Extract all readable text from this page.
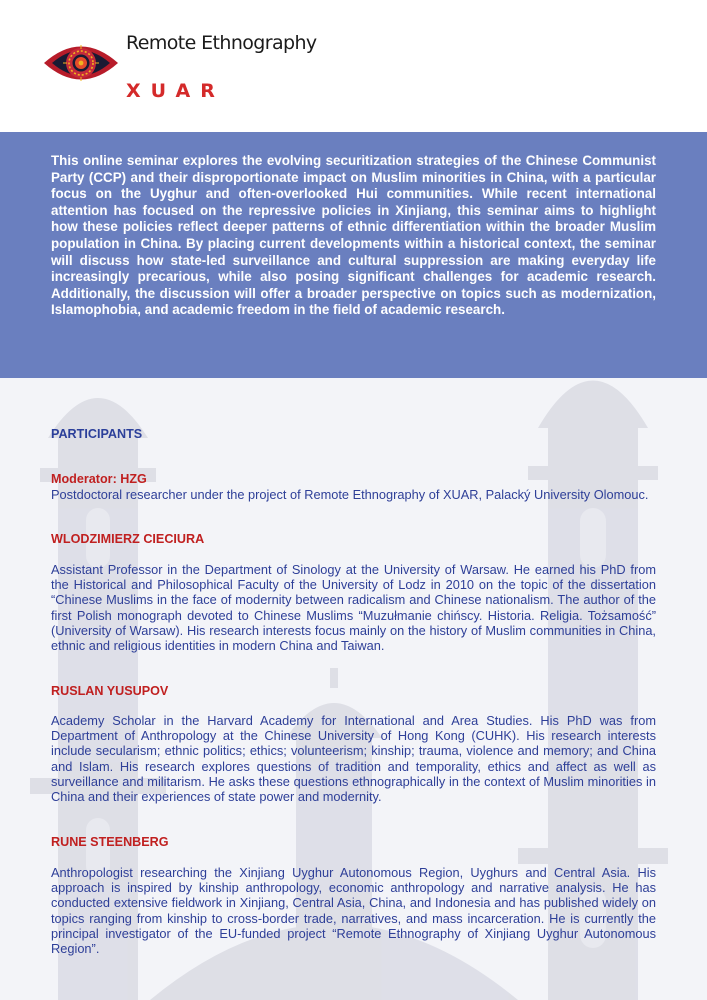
Remote Ethnography
XUAR

This online seminar explores the evolving securitization strategies of the Chinese Communist Party (CCP) and their disproportionate impact on Muslim minorities in China, with a particular focus on the Uyghur and often-overlooked Hui communities. While recent international attention has focused on the repressive policies in Xinjiang, this seminar aims to highlight how these policies reflect deeper patterns of ethnic differentiation within the broader Muslim population in China. By placing current developments within a historical context, the seminar will discuss how state-led surveillance and cultural suppression are making everyday life increasingly precarious, while also posing significant challenges for academic research. Additionally, the discussion will offer a broader perspective on topics such as modernization, Islamophobia, and academic freedom in the field of academic research.

PARTICIPANTS
Moderator: HZG

Postdoctoral researcher under the project of Remote Ethnography of XUAR, Palacký University Olomouc.

WLODZIMIERZ CIECIURA

Assistant Professor in the Department of Sinology at the University of Warsaw. He earned his PhD from the Historical and Philosophical Faculty of the University of Lodz in 2010 on the topic of the dissertation “Chinese Muslims in the face of modernity between radicalism and Chinese nationalism. The author of the first Polish monograph devoted to Chinese Muslims “Muzułmanie chińscy. Historia. Religia. Tożsamość” (University of Warsaw). His research interests focus mainly on the history of Muslim communities in China, ethnic and religious identities in modern China and Taiwan.

RUSLAN YUSUPOV

Academy Scholar in the Harvard Academy for International and Area Studies. His PhD was from Department of Anthropology at the Chinese University of Hong Kong (CUHK). His research interests include secularism; ethnic politics; ethics; volunteerism; kinship; trauma, violence and memory; and China and Islam. His research explores questions of tradition and temporality, ethics and affect as well as surveillance and militarism. He asks these questions ethnographically in the context of Muslim minorities in China and their experiences of state power and modernity.

RUNE STEENBERG

Anthropologist researching the Xinjiang Uyghur Autonomous Region, Uyghurs and Central Asia. His approach is inspired by kinship anthropology, economic anthropology and narrative analysis. He has conducted extensive fieldwork in Xinjiang, Central Asia, China, and Indonesia and has published widely on topics ranging from kinship to cross-border trade, narratives, and mass incarceration. He is currently the principal investigator of the EU-funded project “Remote Ethnography of Xinjiang Uyghur Autonomous Region”.
